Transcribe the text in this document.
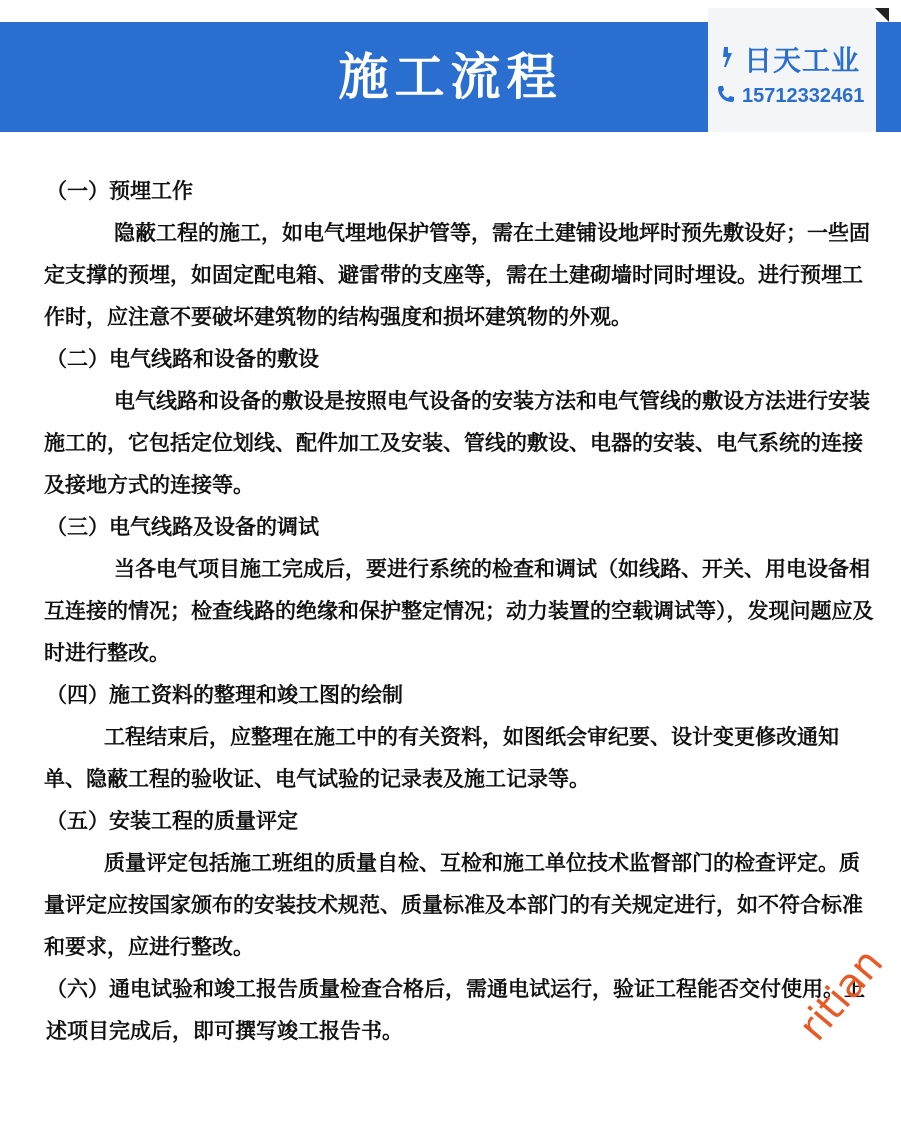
施工流程	日天工业
15712332461

（一）预埋工作

隐蔽工程的施工，如电气埋地保护管等，需在土建铺设地坪时预先敷设好；一些固定支撑的预埋，如固定配电箱、避雷带的支座等，需在土建砌墙时同时埋设。进行预埋工作时，应注意不要破坏建筑物的结构强度和损坏建筑物的外观。

（二）电气线路和设备的敷设

电气线路和设备的敷设是按照电气设备的安装方法和电气管线的敷设方法进行安装施工的，它包括定位划线、配件加工及安装、管线的敷设、电器的安装、电气系统的连接及接地方式的连接等。

（三）电气线路及设备的调试

当各电气项目施工完成后，要进行系统的检查和调试（如线路、开关、用电设备相互连接的情况；检查线路的绝缘和保护整定情况；动力装置的空载调试等），发现问题应及时进行整改。

（四）施工资料的整理和竣工图的绘制

工程结束后，应整理在施工中的有关资料，如图纸会审纪要、设计变更修改通知单、隐蔽工程的验收证、电气试验的记录表及施工记录等。

（五）安装工程的质量评定

质量评定包括施工班组的质量自检、互检和施工单位技术监督部门的检查评定。质量评定应按国家颁布的安装技术规范、质量标准及本部门的有关规定进行，如不符合标准和要求，应进行整改。

（六）通电试验和竣工报告质量检查合格后，需通电试运行，验证工程能否交付使用。上述项目完成后，即可撰写竣工报告书。	ritian
